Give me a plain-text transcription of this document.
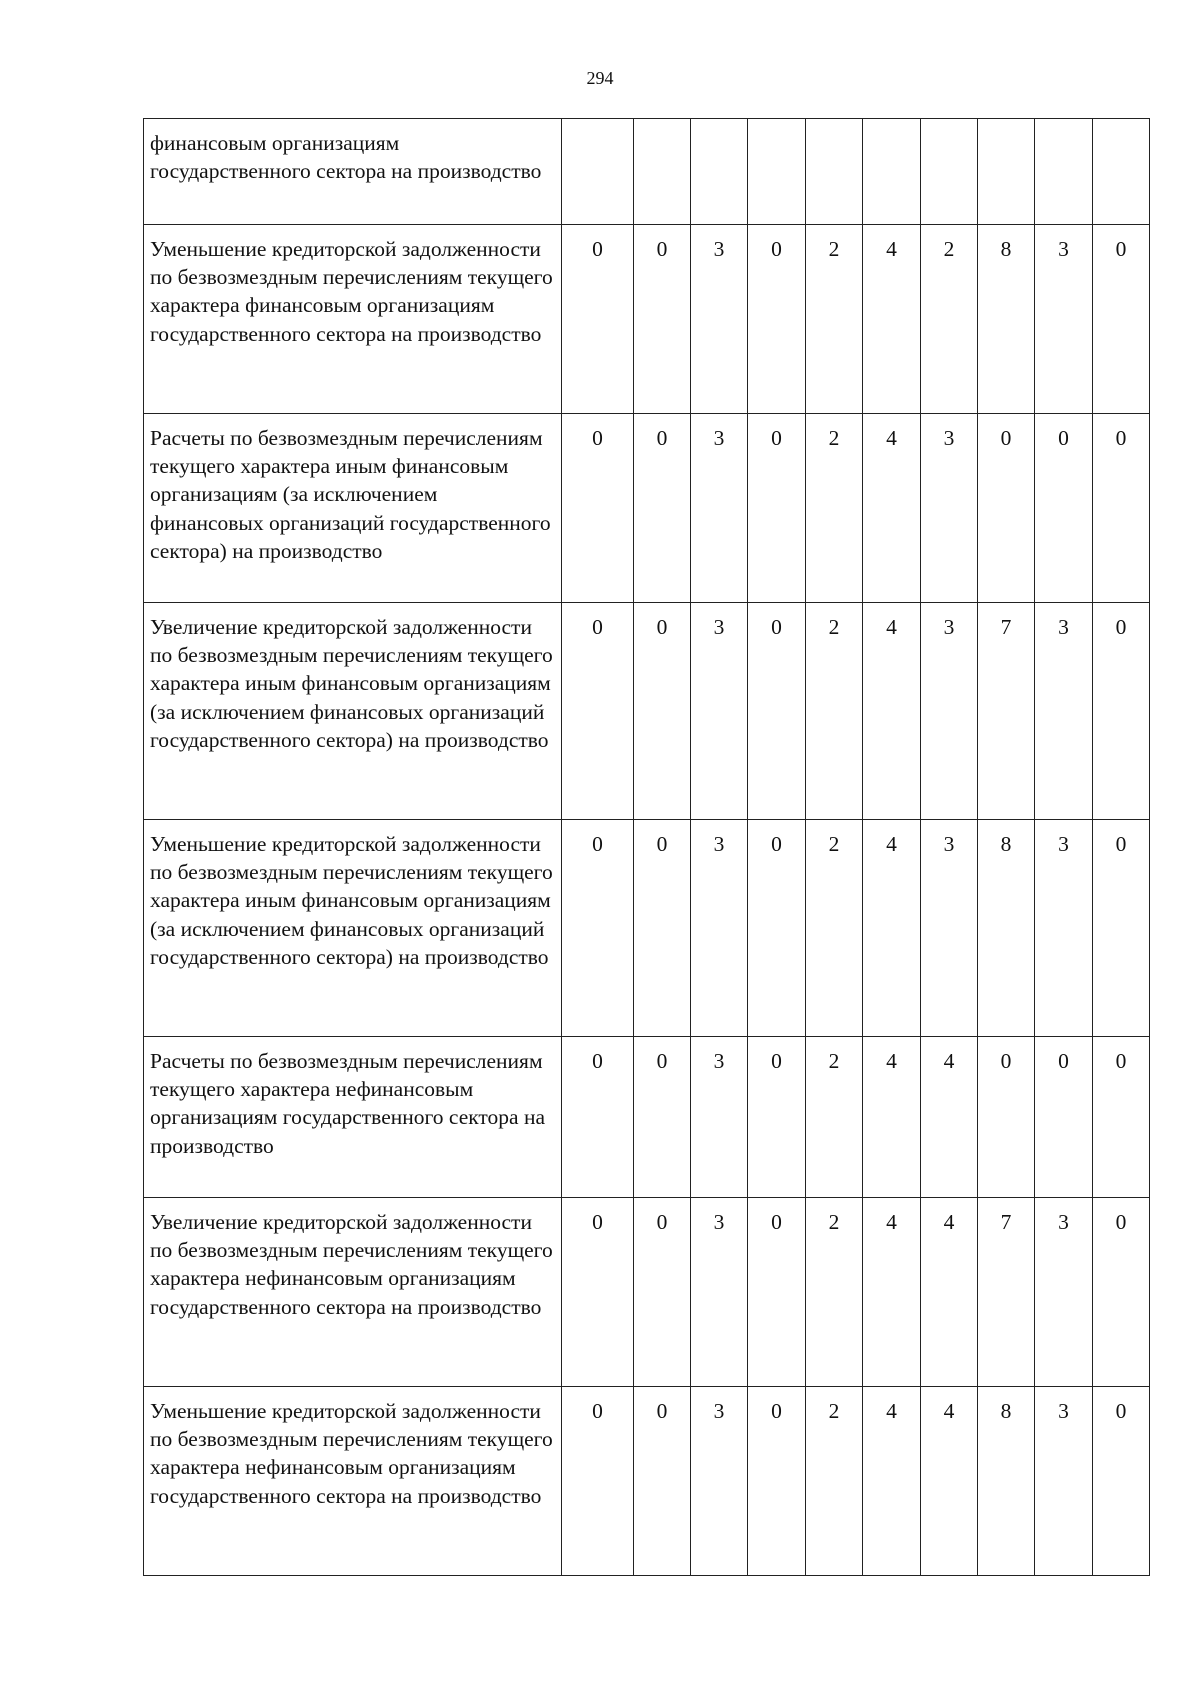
294
финансовым организациям государственного сектора на производство										
Уменьшение кредиторской задолженности по безвозмездным перечислениям текущего характера финансовым организациям государственного сектора на производство	0	0	3	0	2	4	2	8	3	0
Расчеты по безвозмездным перечислениям текущего характера иным финансовым организациям (за исключением финансовых организаций государственного сектора) на производство	0	0	3	0	2	4	3	0	0	0
Увеличение кредиторской задолженности по безвозмездным перечислениям текущего характера иным финансовым организациям (за исключением финансовых организаций государственного сектора) на производство	0	0	3	0	2	4	3	7	3	0
Уменьшение кредиторской задолженности по безвозмездным перечислениям текущего характера иным финансовым организациям (за исключением финансовых организаций государственного сектора) на производство	0	0	3	0	2	4	3	8	3	0
Расчеты по безвозмездным перечислениям текущего характера нефинансовым организациям государственного сектора на производство	0	0	3	0	2	4	4	0	0	0
Увеличение кредиторской задолженности по безвозмездным перечислениям текущего характера нефинансовым организациям государственного сектора на производство	0	0	3	0	2	4	4	7	3	0
Уменьшение кредиторской задолженности по безвозмездным перечислениям текущего характера нефинансовым организациям государственного сектора на производство	0	0	3	0	2	4	4	8	3	0
